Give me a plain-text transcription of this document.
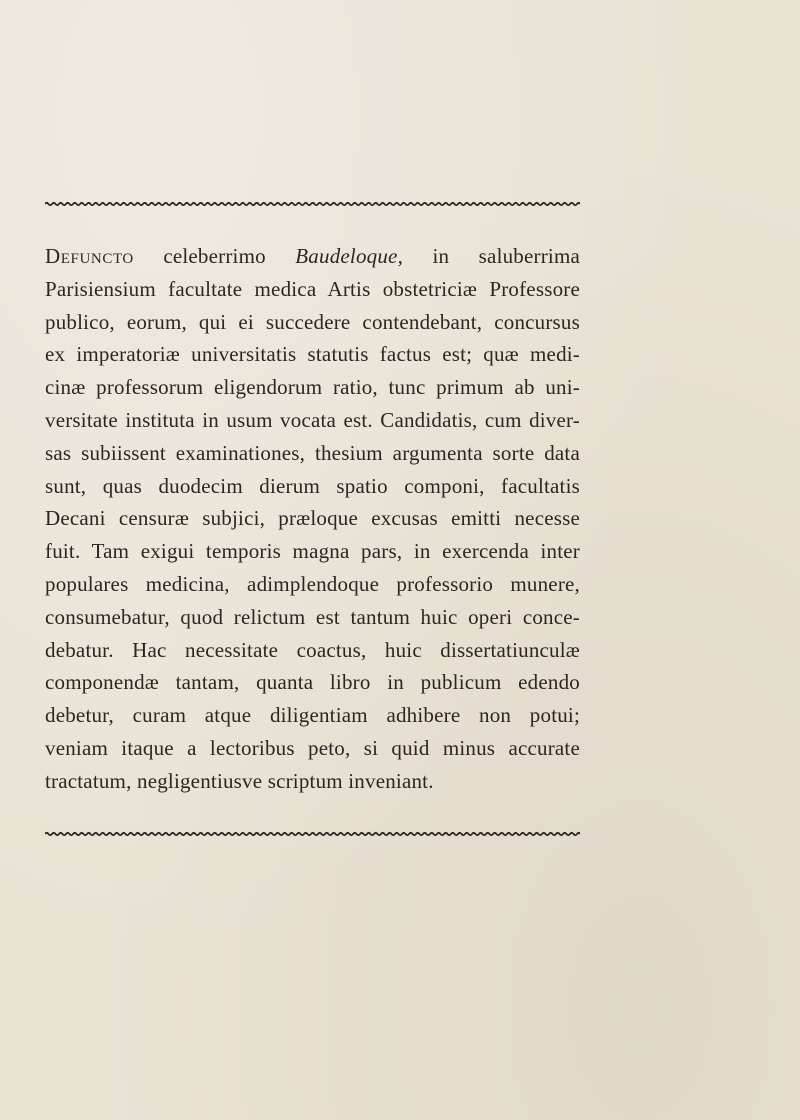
Defuncto celeberrimo Baudeloque, in saluberrima
Parisiensium facultate medica Artis obstetriciæ Professore
publico, eorum, qui ei succedere contendebant, concursus
ex imperatoriæ universitatis statutis factus est; quæ medi-
cinæ professorum eligendorum ratio, tunc primum ab uni-
versitate instituta in usum vocata est. Candidatis, cum diver-
sas subiissent examinationes, thesium argumenta sorte data
sunt, quas duodecim dierum spatio componi, facultatis
Decani censuræ subjici, præloque excusas emitti necesse
fuit. Tam exigui temporis magna pars, in exercenda inter
populares medicina, adimplendoque professorio munere,
consumebatur, quod relictum est tantum huic operi conce-
debatur. Hac necessitate coactus, huic dissertatiunculæ
componendæ tantam, quanta libro in publicum edendo
debetur, curam atque diligentiam adhibere non potui;
veniam itaque a lectoribus peto, si quid minus accurate
tractatum, negligentiusve scriptum inveniant.
